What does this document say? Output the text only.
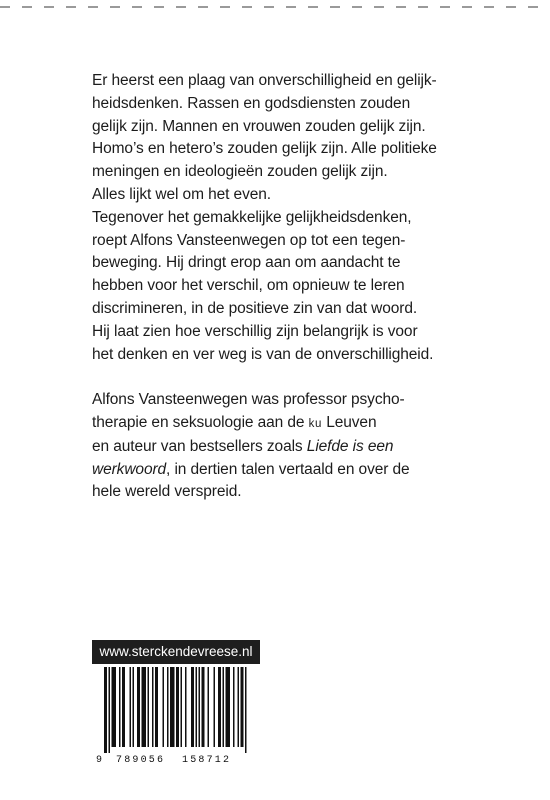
Er heerst een plaag van onverschilligheid en gelijk-
heidsdenken. Rassen en godsdiensten zouden
gelijk zijn. Mannen en vrouwen zouden gelijk zijn.
Homo’s en hetero’s zouden gelijk zijn. Alle politieke
meningen en ideologieën zouden gelijk zijn.
Alles lijkt wel om het even.
Tegenover het gemakkelijke gelijkheidsdenken,
roept Alfons Vansteenwegen op tot een tegen-
beweging. Hij dringt erop aan om aandacht te
hebben voor het verschil, om opnieuw te leren
discrimineren, in de positieve zin van dat woord.
Hij laat zien hoe verschillig zijn belangrijk is voor
het denken en ver weg is van de onverschilligheid.

Alfons Vansteenwegen was professor psycho-
therapie en seksuologie aan de ku Leuven
en auteur van bestsellers zoals Liefde is een
werkwoord, in dertien talen vertaald en over de
hele wereld verspreid.

www.sterckendevreese.nl
9 789056 158712
